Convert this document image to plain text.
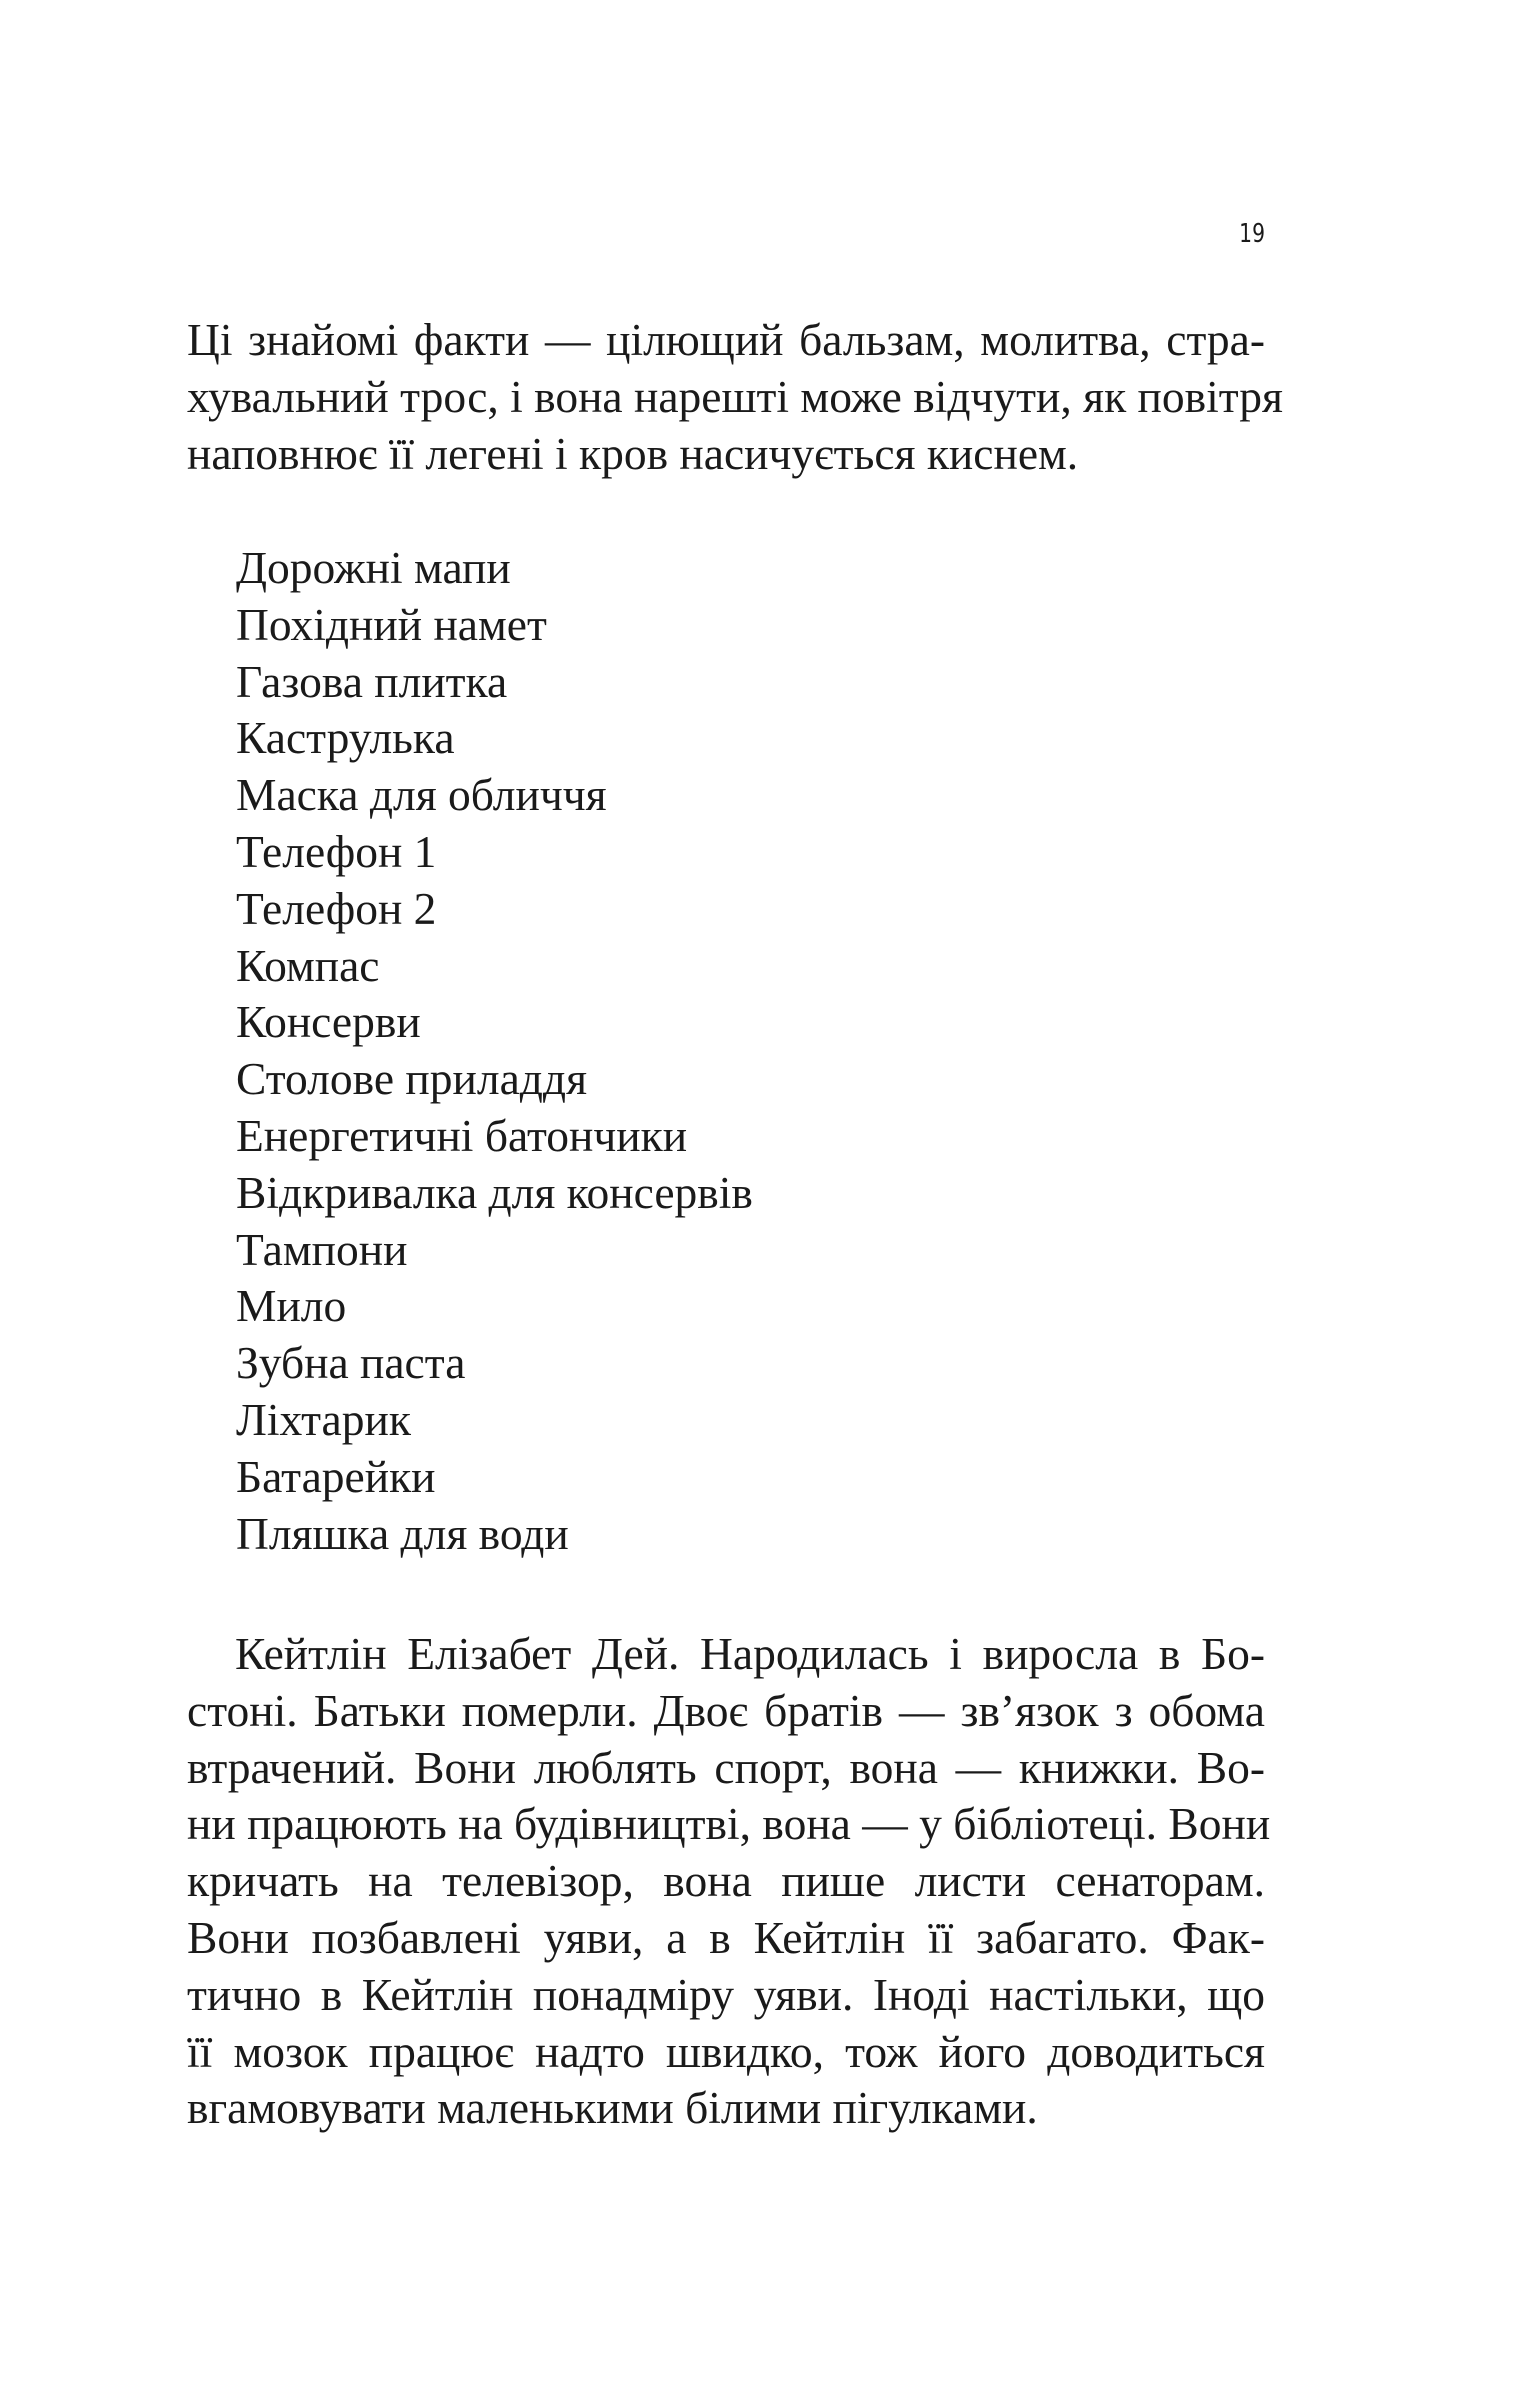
19

Ці знайомі факти — цілющий бальзам, молитва, стра-
хувальний трос, і вона нарешті може відчути, як повітря
наповнює її легені і кров насичується киснем.

Дорожні мапи
Похідний намет
Газова плитка
Каструлька
Маска для обличчя
Телефон 1
Телефон 2
Компас
Консерви
Столове приладдя
Енергетичні батончики
Відкривалка для консервів
Тампони
Мило
Зубна паста
Ліхтарик
Батарейки
Пляшка для води

Кейтлін Елізабет Дей. Народилась і виросла в Бо-
стоні. Батьки померли. Двоє братів — зв’язок з обома
втрачений. Вони люблять спорт, вона — книжки. Во-
ни працюють на будівництві, вона — у бібліотеці. Вони
кричать на телевізор, вона пише листи сенаторам.
Вони позбавлені уяви, а в Кейтлін її забагато. Фак-
тично в Кейтлін понадміру уяви. Іноді настільки, що
її мозок працює надто швидко, тож його доводиться
вгамовувати маленькими білими пігулками.
